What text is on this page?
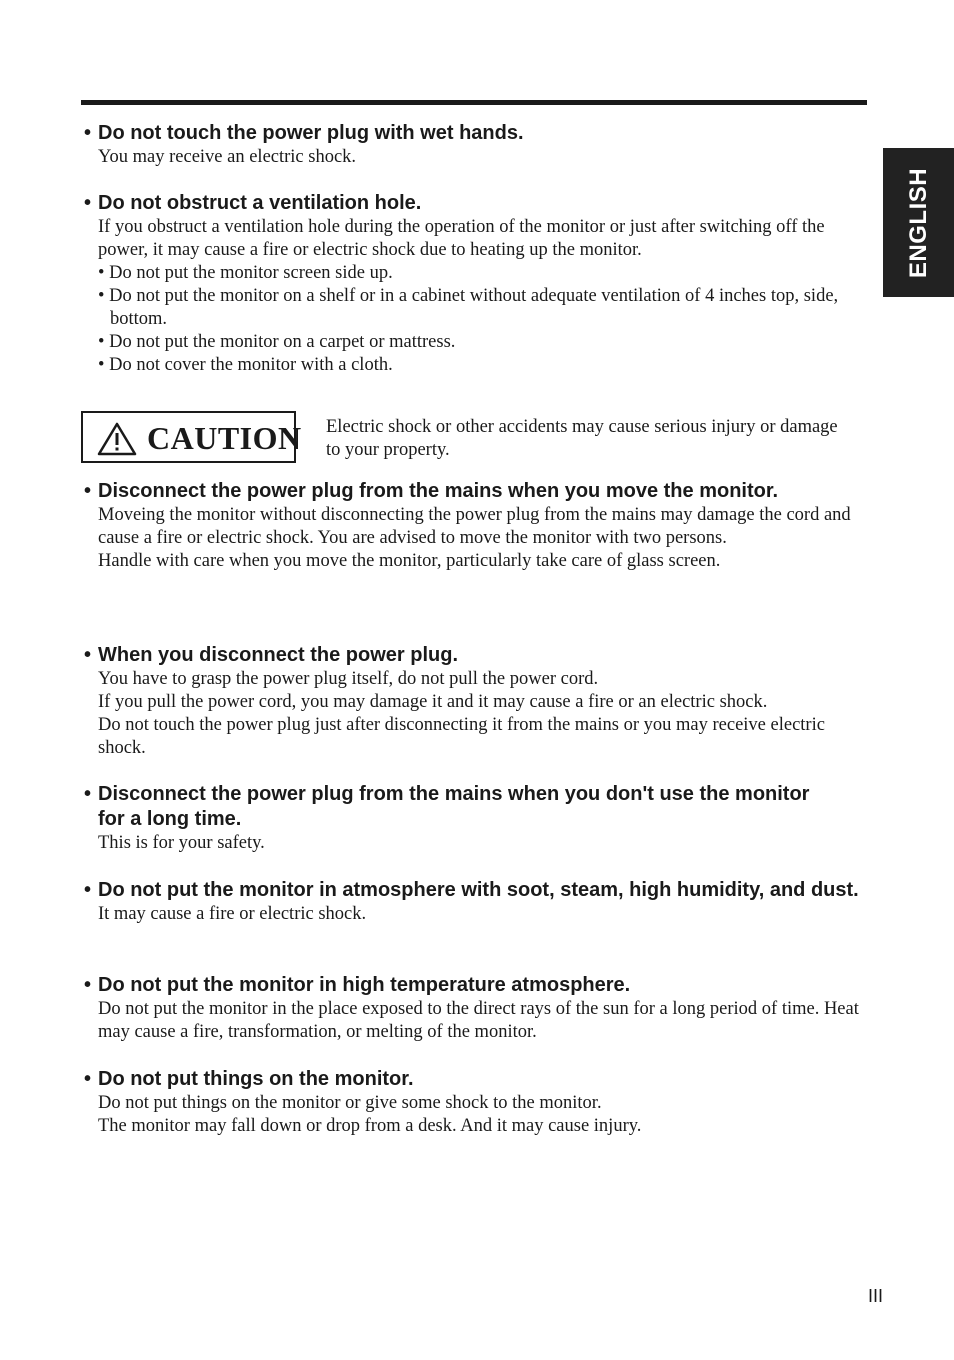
ENGLISH
• Do not touch the power plug with wet hands.

You may receive an electric shock.

• Do not obstruct a ventilation hole.

If you obstruct a ventilation hole during the operation of the monitor or just after switching off the power, it may cause a fire or electric shock due to heating up the monitor.

• Do not put the monitor screen side up.

• Do not put the monitor on a shelf or in a cabinet without adequate ventilation of 4 inches top, side, bottom.

• Do not put the monitor on a carpet or mattress.

• Do not cover the monitor with a cloth.

CAUTION Electric shock or other accidents may cause serious injury or damage to your property.
• Disconnect the power plug from the mains when you move the monitor.

Moveing the monitor without disconnecting the power plug from the mains may damage the cord and cause a fire or electric shock. You are advised to move the monitor with two persons.

Handle with care when you move the monitor, particularly take care of glass screen.

• When you disconnect the power plug.

You have to grasp the power plug itself, do not pull the power cord.

If you pull the power cord, you may damage it and it may cause a fire or an electric shock.

Do not touch the power plug just after disconnecting it from the mains or you may receive electric shock.

• Disconnect the power plug from the mains when you don't use the monitor for a long time.

This is for your safety.

• Do not put the monitor in atmosphere with soot, steam, high humidity, and dust.

It may cause a fire or electric shock.

• Do not put the monitor in high temperature atmosphere.

Do not put the monitor in the place exposed to the direct rays of the sun for a long period of time. Heat may cause a fire, transformation, or melting of the monitor.

• Do not put things on the monitor.

Do not put things on the monitor or give some shock to the monitor.

The monitor may fall down or drop from a desk. And it may cause injury.

III
